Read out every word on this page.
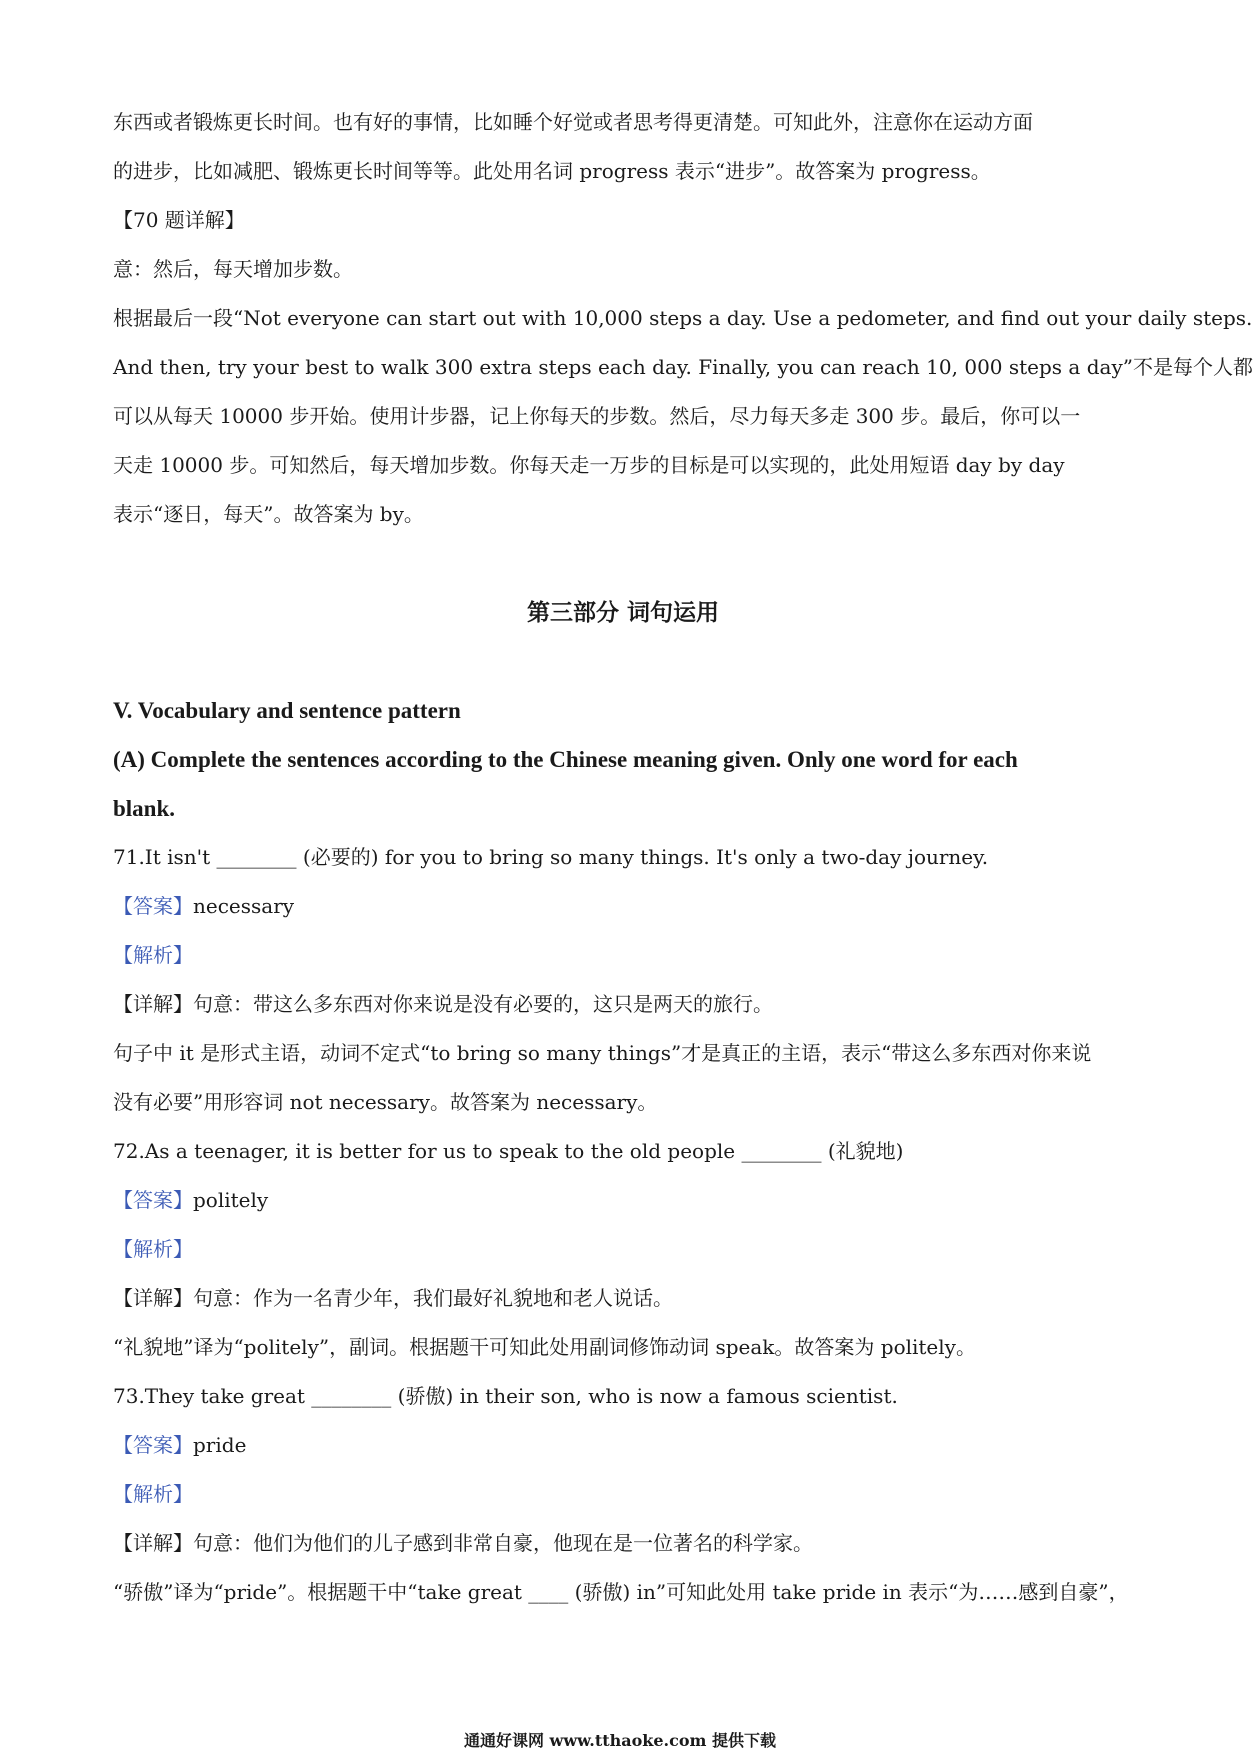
东西或者锻炼更长时间。也有好的事情，比如睡个好觉或者思考得更清楚。可知此外，注意你在运动方面
的进步，比如减肥、锻炼更长时间等等。此处用名词 progress 表示“进步”。故答案为 progress。
【70 题详解】
意：然后，每天增加步数。
根据最后一段“Not everyone can start out with 10,000 steps a day. Use a pedometer, and find out your daily steps.
And then, try your best to walk 300 extra steps each day. Finally, you can reach 10, 000 steps a day”不是每个人都
可以从每天 10000 步开始。使用计步器，记上你每天的步数。然后，尽力每天多走 300 步。最后，你可以一
天走 10000 步。可知然后，每天增加步数。你每天走一万步的目标是可以实现的，此处用短语 day by day
表示“逐日，每天”。故答案为 by。
第三部分 词句运用
V. Vocabulary and sentence pattern
(A) Complete the sentences according to the Chinese meaning given. Only one word for each
blank.
71.It isn't ________ (必要的) for you to bring so many things. It's only a two-day journey.
【答案】necessary
【解析】
【详解】句意：带这么多东西对你来说是没有必要的，这只是两天的旅行。
句子中 it 是形式主语，动词不定式“to bring so many things”才是真正的主语，表示“带这么多东西对你来说
没有必要”用形容词 not necessary。故答案为 necessary。
72.As a teenager, it is better for us to speak to the old people ________ (礼貌地)
【答案】politely
【解析】
【详解】句意：作为一名青少年，我们最好礼貌地和老人说话。
“礼貌地”译为“politely”，副词。根据题干可知此处用副词修饰动词 speak。故答案为 politely。
73.They take great ________ (骄傲) in their son, who is now a famous scientist.
【答案】pride
【解析】
【详解】句意：他们为他们的儿子感到非常自豪，他现在是一位著名的科学家。
“骄傲”译为“pride”。根据题干中“take great ____ (骄傲) in”可知此处用 take pride in 表示“为……感到自豪”，
通通好课网 www.tthaoke.com 提供下载
